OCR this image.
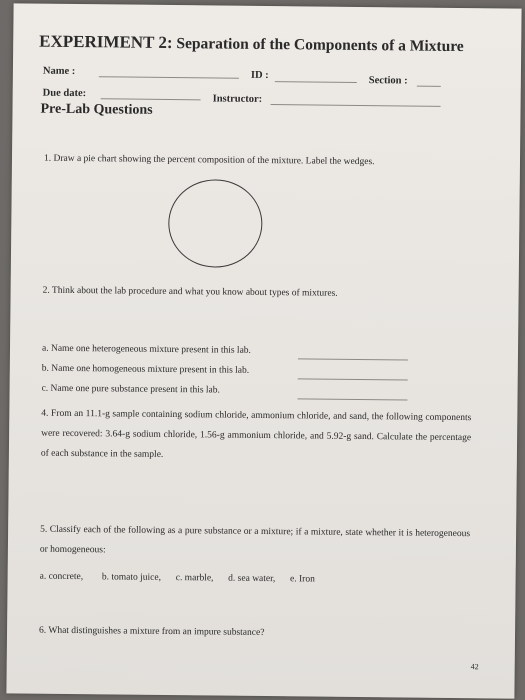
EXPERIMENT 2: Separation of the Components of a Mixture
Name :	ID :	Section :
Due date:
Instructor:
Pre-Lab Questions
1. Draw a pie chart showing the percent composition of the mixture. Label the wedges.
2. Think about the lab procedure and what you know about types of mixtures.
a. Name one heterogeneous mixture present in this lab.
b. Name one homogeneous mixture present in this lab.
c. Name one pure substance present in this lab.
4. From an 11.1-g sample containing sodium chloride, ammonium chloride, and sand, the following components were recovered: 3.64-g sodium chloride, 1.56-g ammonium chloride, and 5.92-g sand. Calculate the percentage of each substance in the sample.
5. Classify each of the following as a pure substance or a mixture; if a mixture, state whether it is heterogeneous or homogeneous:
a. concrete, b. tomato juice, c. marble, d. sea water, e. Iron
6. What distinguishes a mixture from an impure substance?
42
